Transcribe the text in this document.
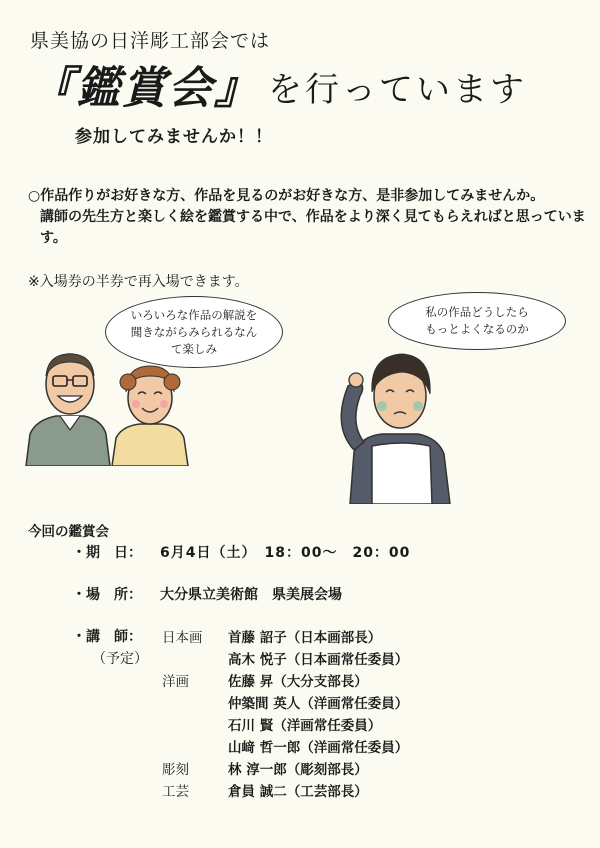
県美協の日洋彫工部会では
『鑑賞会』 を行っています
参加してみませんか！！

○作品作りがお好きな方、作品を見るのがお好きな方、是非参加してみませんか。

講師の先生方と楽しく絵を鑑賞する中で、作品をより深く見てもらえればと思っています。

※入場券の半券で再入場できます。
いろいろな作品の解説を
聞きながらみられるなん
て楽しみ
私の作品どうしたら
もっとよくなるのか
今回の鑑賞会
・期　日： 6月4日（土）　18：00〜　20：00
・場　所： 大分県立美術館　県美展会場
・講　師：
（予定）
日本画 首藤 詔子（日本画部長）
高木 悦子（日本画常任委員）
洋画	佐藤 昇（大分支部長）
仲築間 英人（洋画常任委員）
石川 賢（洋画常任委員）
山﨑 哲一郎（洋画常任委員）
彫刻	林 淳一郎（彫刻部長）
工芸	倉員 誠二（工芸部長）
